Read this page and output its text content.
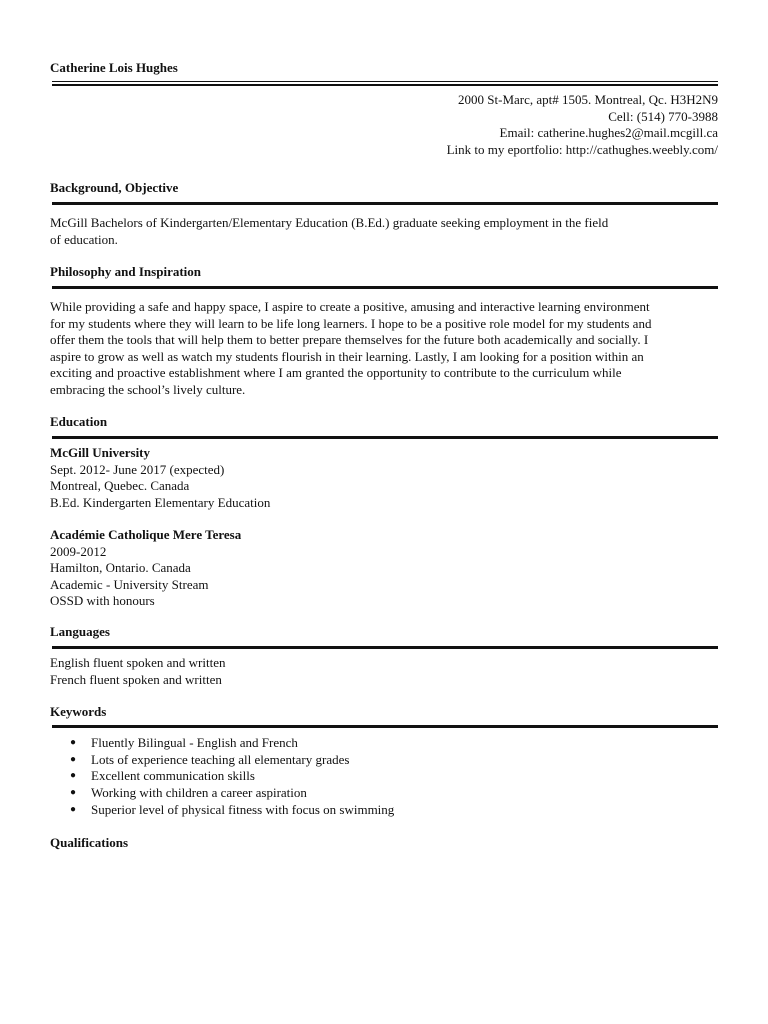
Catherine Lois Hughes
2000 St-Marc, apt# 1505. Montreal, Qc. H3H2N9
Cell: (514) 770-3988
Email: catherine.hughes2@mail.mcgill.ca
Link to my eportfolio: http://cathughes.weebly.com/
Background, Objective
McGill Bachelors of Kindergarten/Elementary Education (B.Ed.) graduate seeking employment in the field
of education.
Philosophy and Inspiration
While providing a safe and happy space, I aspire to create a positive, amusing and interactive learning environment
for my students where they will learn to be life long learners. I hope to be a positive role model for my students and
offer them the tools that will help them to better prepare themselves for the future both academically and socially. I
aspire to grow as well as watch my students flourish in their learning. Lastly, I am looking for a position within an
exciting and proactive establishment where I am granted the opportunity to contribute to the curriculum while
embracing the school’s lively culture.
Education
McGill University
Sept. 2012- June 2017 (expected)
Montreal, Quebec. Canada
B.Ed. Kindergarten Elementary Education
Académie Catholique Mere Teresa
2009-2012
Hamilton, Ontario. Canada
Academic - University Stream
OSSD with honours
Languages
English fluent spoken and written
French fluent spoken and written
Keywords
● Fluently Bilingual - English and French
● Lots of experience teaching all elementary grades
● Excellent communication skills
● Working with children a career aspiration
● Superior level of physical fitness with focus on swimming
Qualifications
